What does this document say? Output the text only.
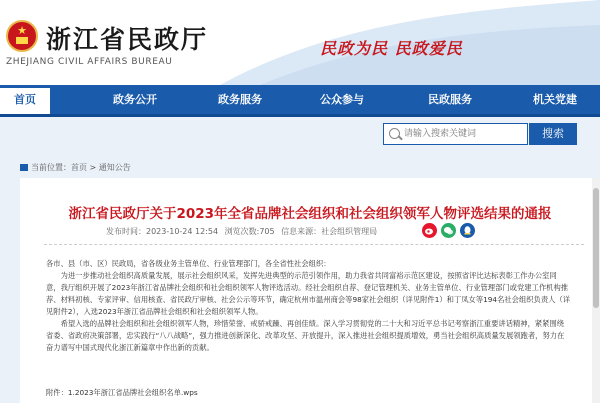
★ 浙江省民政厅
ZHEJIANG CIVIL AFFAIRS BUREAU
民政为民 民政爱民
首页	政务公开	政务服务	公众参与	民政服务	机关党建
请输入搜索关键词
搜索
当前位置：首页 > 通知公告
浙江省民政厅关于2023年全省品牌社会组织和社会组织领军人物评选结果的通报
发布时间：2023-10-24 12:54 浏览次数:705 信息来源：社会组织管理局

各市、县（市、区）民政局，省各级业务主管单位、行业管理部门，各全省性社会组织：

为进一步推动社会组织高质量发展，展示社会组织风采，发挥先进典型的示范引领作用，助力我省共同富裕示范区建设，按照省评比达标表彰工作办公室同意，我厅组织开展了2023年浙江省品牌社会组织和社会组织领军人物评选活动。经社会组织自荐、登记管理机关、业务主管单位、行业管理部门或党建工作机构推荐、材料初核、专家评审、信用核查、省民政厅审核、社会公示等环节，确定杭州市温州商会等98家社会组织（详见附件1）和丁凤女等194名社会组织负责人（详见附件2），入选2023年浙江省品牌社会组织和社会组织领军人物。

希望入选的品牌社会组织和社会组织领军人物，珍惜荣誉、戒骄戒躁、再创佳绩。深入学习贯彻党的二十大和习近平总书记考察浙江重要讲话精神，紧紧围绕省委、省政府决策部署，忠实践行“八八战略”，强力推进创新深化、改革攻坚、开放提升，深入推进社会组织提质增效，勇当社会组织高质量发展领跑者，努力在奋力谱写中国式现代化浙江新篇章中作出新的贡献。

附件：1.2023年浙江省品牌社会组织名单.wps
